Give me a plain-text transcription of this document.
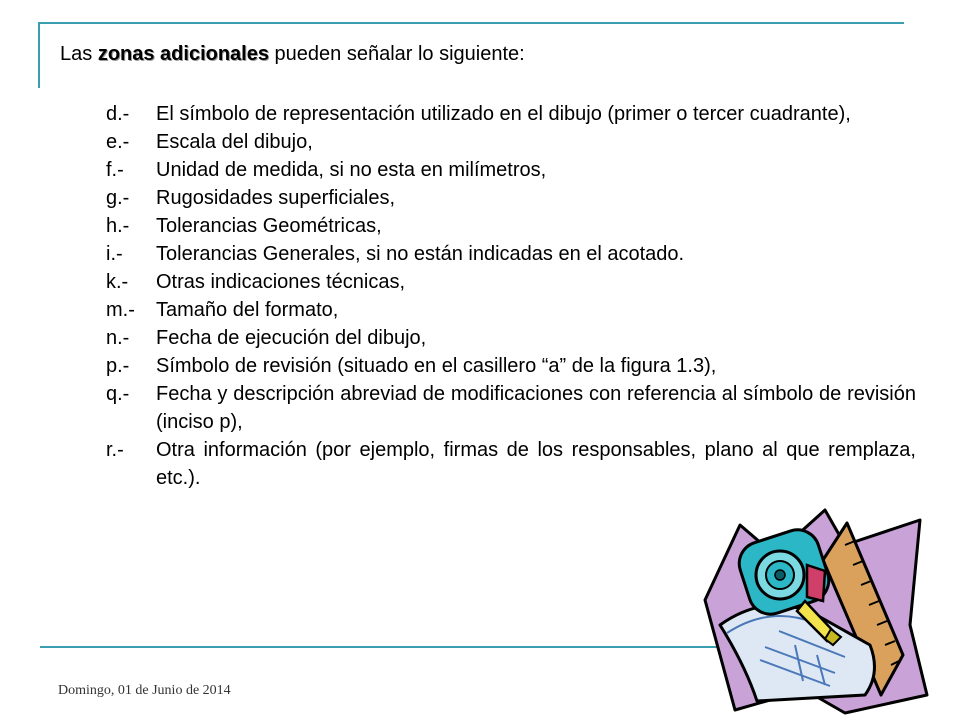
Las zonas adicionales pueden señalar lo siguiente:
d.-	El símbolo de representación utilizado en el dibujo (primer o tercer cuadrante),
e.-	Escala del dibujo,
f.-	Unidad de medida, si no esta en milímetros,
g.-	Rugosidades superficiales,
h.-	Tolerancias Geométricas,
i.-	Tolerancias Generales, si no están indicadas en el acotado.
k.-	Otras indicaciones técnicas,
m.-	Tamaño del formato,
n.-	Fecha de ejecución del dibujo,
p.-	Símbolo de revisión (situado en el casillero “a” de la figura 1.3),
q.-	Fecha y descripción abreviad de modificaciones con referencia al símbolo de revisión (inciso p),
r.-	Otra información (por ejemplo, firmas de los responsables, plano al que remplaza, etc.).
Domingo, 01 de Junio de 2014
